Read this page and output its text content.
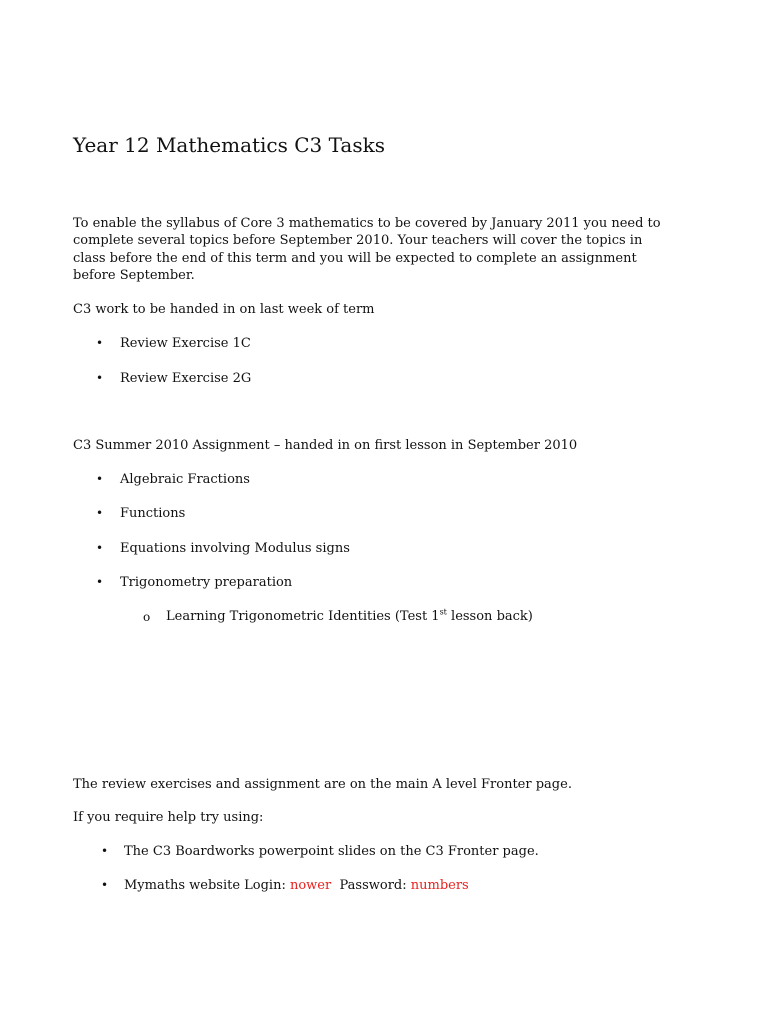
Year 12 Mathematics C3 Tasks
To enable the syllabus of Core 3 mathematics to be covered by January 2011 you need to
complete several topics before September 2010. Your teachers will cover the topics in
class before the end of this term and you will be expected to complete an assignment
before September.
C3 work to be handed in on last week of term
• Review Exercise 1C
• Review Exercise 2G
C3 Summer 2010 Assignment – handed in on first lesson in September 2010
• Algebraic Fractions
• Functions
• Equations involving Modulus signs
• Trigonometry preparation
o Learning Trigonometric Identities (Test 1st lesson back)
The review exercises and assignment are on the main A level Fronter page.
If you require help try using:
• The C3 Boardworks powerpoint slides on the C3 Fronter page.
• Mymaths website Login: nower Password: numbers
